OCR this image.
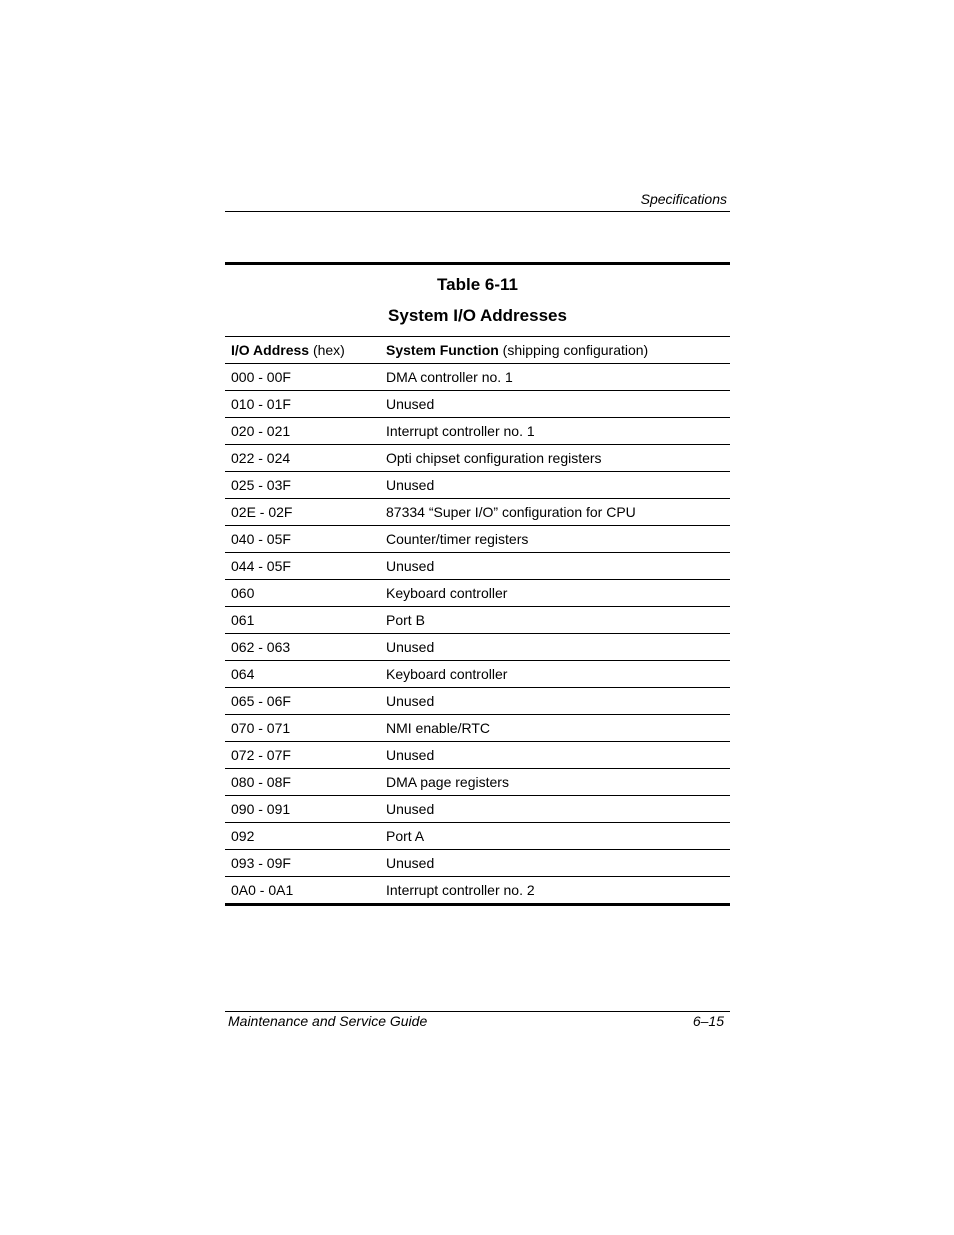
Specifications
Table 6-11
System I/O Addresses
I/O Address (hex)	System Function (shipping configuration)
000 - 00F	DMA controller no. 1
010 - 01F	Unused
020 - 021	Interrupt controller no. 1
022 - 024	Opti chipset configuration registers
025 - 03F	Unused
02E - 02F	87334 “Super I/O” configuration for CPU
040 - 05F	Counter/timer registers
044 - 05F	Unused
060	Keyboard controller
061	Port B
062 - 063	Unused
064	Keyboard controller
065 - 06F	Unused
070 - 071	NMI enable/RTC
072 - 07F	Unused
080 - 08F	DMA page registers
090 - 091	Unused
092	Port A
093 - 09F	Unused
0A0 - 0A1	Interrupt controller no. 2
Maintenance and Service Guide	6–15
